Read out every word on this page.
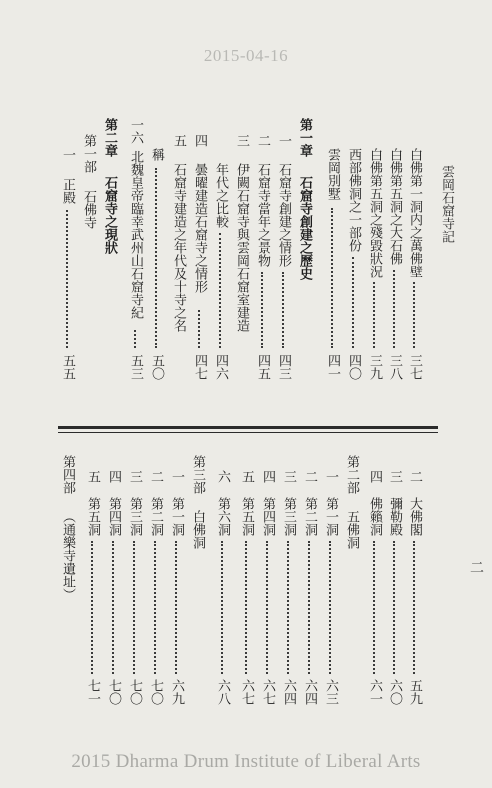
2015-04-16
雲岡石窟寺記
白佛第一洞内之萬佛壁
三七
白佛第五洞之大石佛
三八
白佛第五洞之殘毀狀況
三九
西部佛洞之一部份
四〇
雲岡別墅
四一
第一章
石窟寺創建之歷史
一
石窟寺創建之情形
四三
二
石窟寺當年之景物
四五
三
伊闕石窟寺與雲岡石窟室建造
年代之比較
四六
四
曇曜建造石窟寺之情形
四七
五
石窟寺建造之年代及十寺之名
稱
五〇
一六
北魏皇帝臨幸武州山石窟寺紀
五三
第二章
石窟寺之現狀
第一部
石佛寺
一
正殿
五五
二
大佛閣
五九
三
彌勒殿
六〇
四
佛籟洞
六一
第二部
五佛洞
一
第一洞
六三
二
第二洞
六四
三
第三洞
六四
四
第四洞
六七
五
第五洞
六七
六
第六洞
六八
第三部
白佛洞
一
第一洞
六九
二
第二洞
七〇
三
第三洞
七〇
四
第四洞
七〇
五
第五洞
七一
第四部
（通樂寺遺址）	二
2015 Dharma Drum Institute of Liberal Arts
